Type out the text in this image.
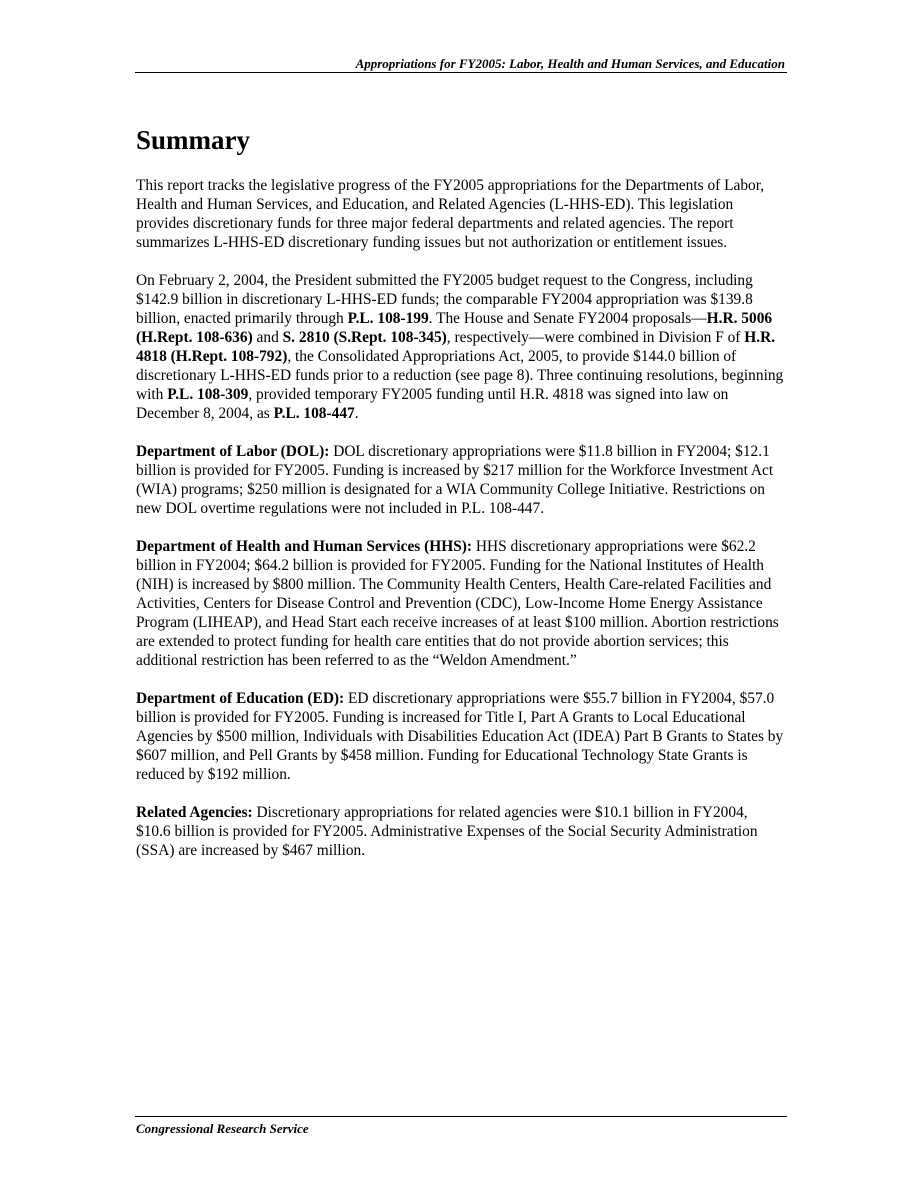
Appropriations for FY2005: Labor, Health and Human Services, and Education
Summary

This report tracks the legislative progress of the FY2005 appropriations for the Departments of Labor, Health and Human Services, and Education, and Related Agencies (L-HHS-ED). This legislation provides discretionary funds for three major federal departments and related agencies. The report summarizes L-HHS-ED discretionary funding issues but not authorization or entitlement issues.

On February 2, 2004, the President submitted the FY2005 budget request to the Congress, including $142.9 billion in discretionary L-HHS-ED funds; the comparable FY2004 appropriation was $139.8 billion, enacted primarily through P.L. 108-199. The House and Senate FY2004 proposals—H.R. 5006 (H.Rept. 108-636) and S. 2810 (S.Rept. 108-345), respectively—were combined in Division F of H.R. 4818 (H.Rept. 108-792), the Consolidated Appropriations Act, 2005, to provide $144.0 billion of discretionary L-HHS-ED funds prior to a reduction (see page 8). Three continuing resolutions, beginning with P.L. 108-309, provided temporary FY2005 funding until H.R. 4818 was signed into law on December 8, 2004, as P.L. 108-447.

Department of Labor (DOL): DOL discretionary appropriations were $11.8 billion in FY2004; $12.1 billion is provided for FY2005. Funding is increased by $217 million for the Workforce Investment Act (WIA) programs; $250 million is designated for a WIA Community College Initiative. Restrictions on new DOL overtime regulations were not included in P.L. 108-447.

Department of Health and Human Services (HHS): HHS discretionary appropriations were $62.2 billion in FY2004; $64.2 billion is provided for FY2005. Funding for the National Institutes of Health (NIH) is increased by $800 million. The Community Health Centers, Health Care-related Facilities and Activities, Centers for Disease Control and Prevention (CDC), Low-Income Home Energy Assistance Program (LIHEAP), and Head Start each receive increases of at least $100 million. Abortion restrictions are extended to protect funding for health care entities that do not provide abortion services; this additional restriction has been referred to as the “Weldon Amendment.”

Department of Education (ED): ED discretionary appropriations were $55.7 billion in FY2004, $57.0 billion is provided for FY2005. Funding is increased for Title I, Part A Grants to Local Educational Agencies by $500 million, Individuals with Disabilities Education Act (IDEA) Part B Grants to States by $607 million, and Pell Grants by $458 million. Funding for Educational Technology State Grants is reduced by $192 million.

Related Agencies: Discretionary appropriations for related agencies were $10.1 billion in FY2004, $10.6 billion is provided for FY2005. Administrative Expenses of the Social Security Administration (SSA) are increased by $467 million.

Congressional Research Service
